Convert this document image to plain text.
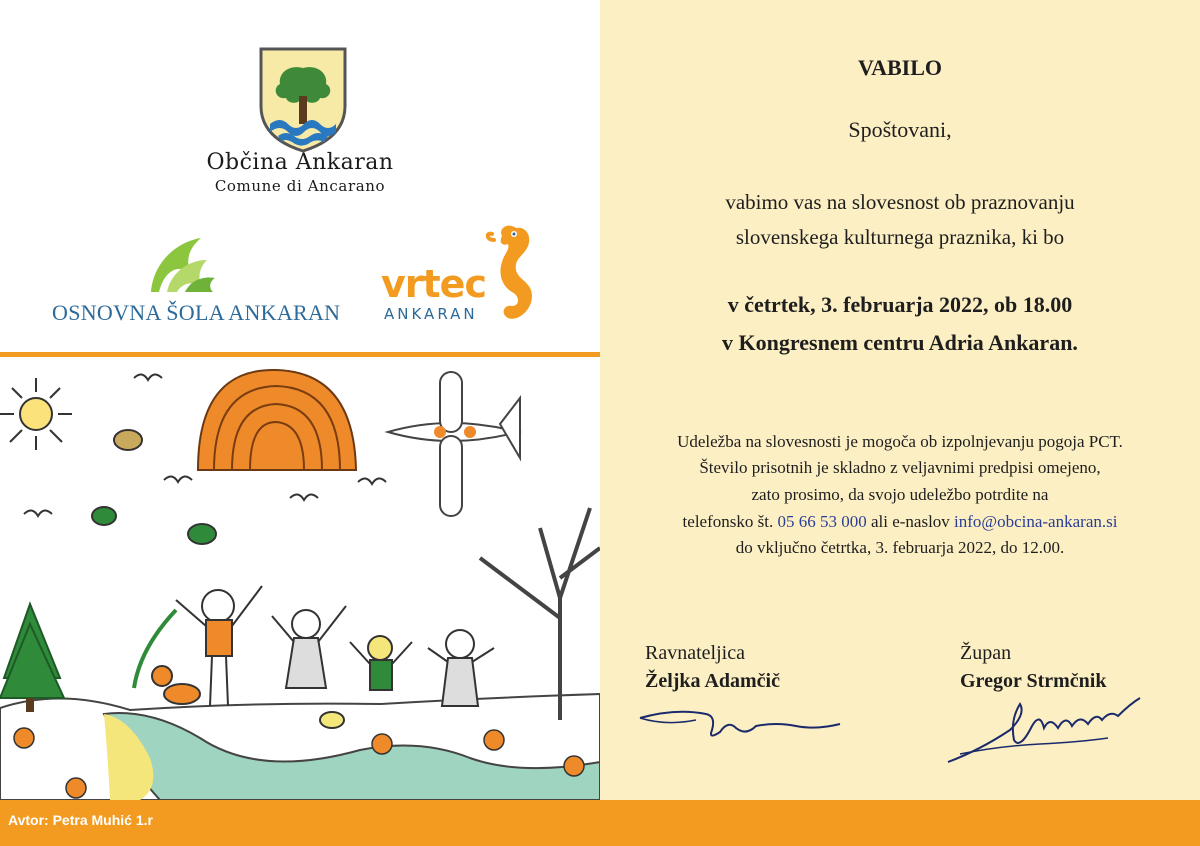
Občina Ankaran
Comune di Ancarano
OSNOVNA ŠOLA ANKARAN
vrtec
ANKARAN
VABILO
Spoštovani,
vabimo vas na slovesnost ob praznovanju
slovenskega kulturnega praznika, ki bo
v četrtek, 3. februarja 2022, ob 18.00
v Kongresnem centru Adria Ankaran.
Udeležba na slovesnosti je mogoča ob izpolnjevanju pogoja PCT.
Število prisotnih je skladno z veljavnimi predpisi omejeno,
zato prosimo, da svojo udeležbo potrdite na
telefonsko št. 05 66 53 000 ali e-naslov info@obcina-ankaran.si
do vključno četrtka, 3. februarja 2022, do 12.00.
Ravnateljica
Željka Adamčič
Župan
Gregor Strmčnik
Avtor: Petra Muhić 1.r
